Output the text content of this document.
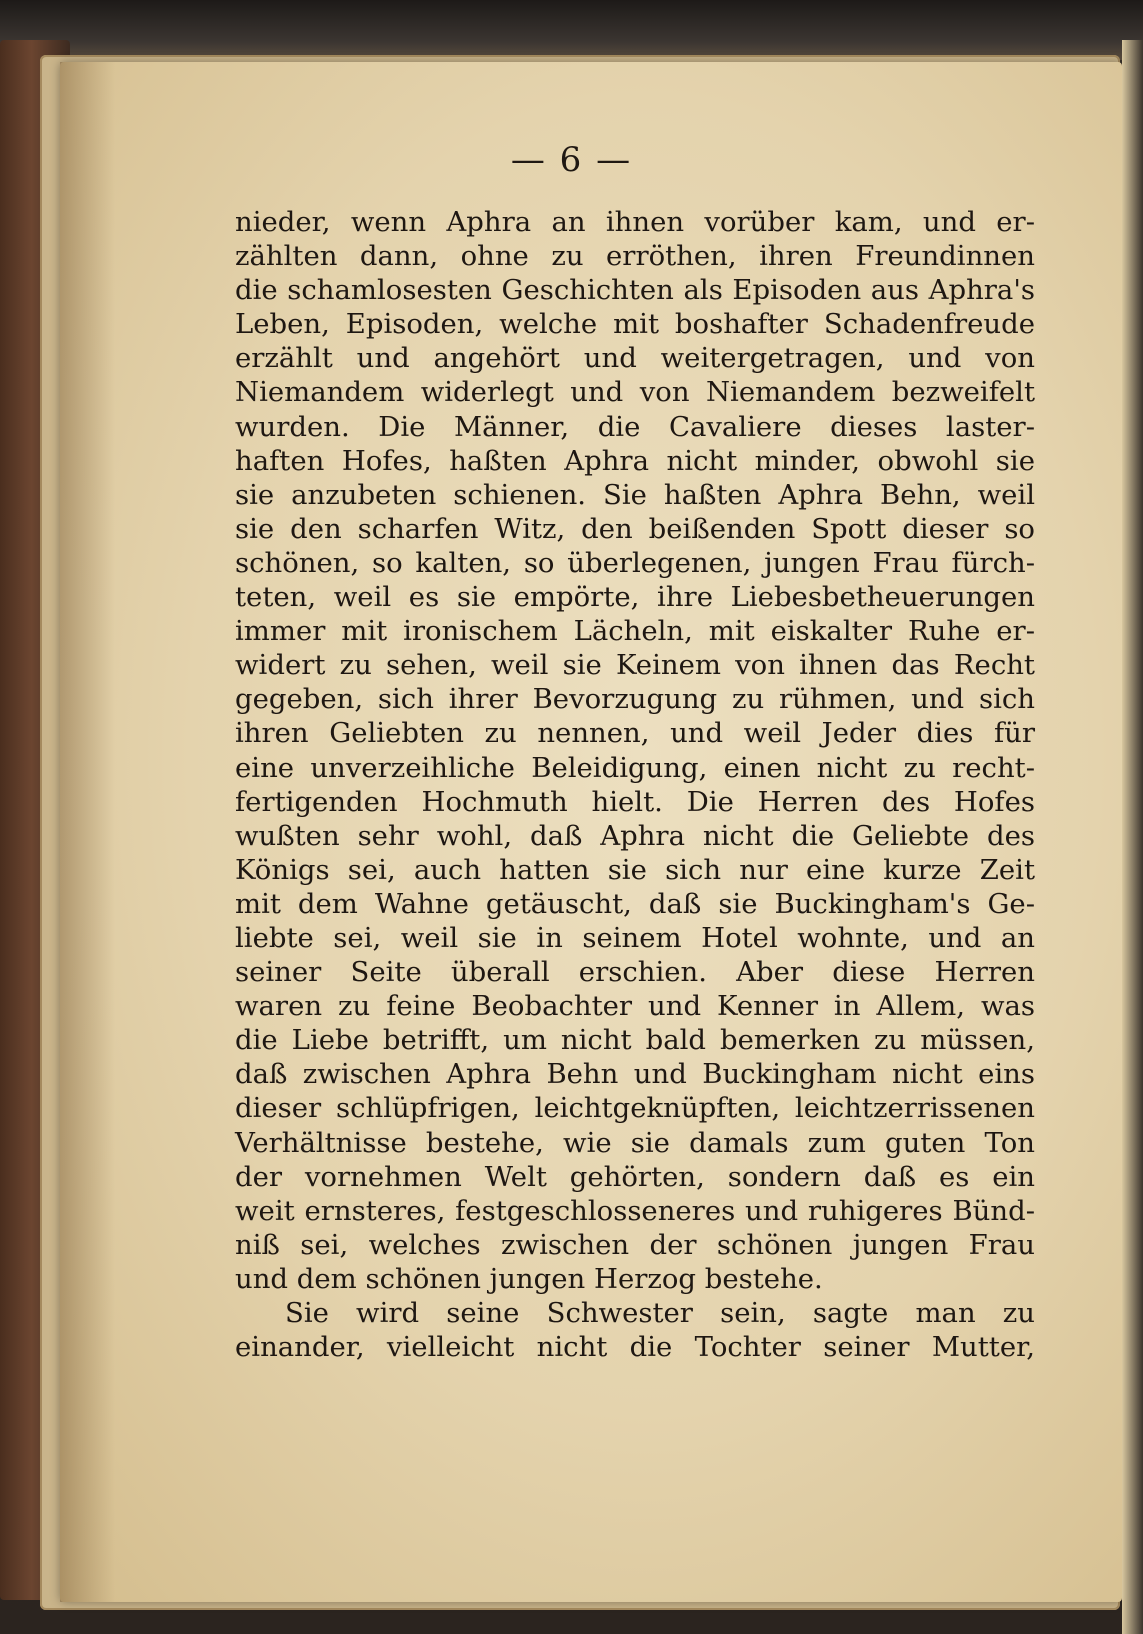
— 6 —
nieder, wenn Aphra an ihnen vorüber kam, und er-
zählten dann, ohne zu erröthen, ihren Freundinnen
die schamlosesten Geschichten als Episoden aus Aphra's
Leben, Episoden, welche mit boshafter Schadenfreude
erzählt und angehört und weitergetragen, und von
Niemandem widerlegt und von Niemandem bezweifelt
wurden. Die Männer, die Cavaliere dieses laster-
haften Hofes, haßten Aphra nicht minder, obwohl sie
sie anzubeten schienen. Sie haßten Aphra Behn, weil
sie den scharfen Witz, den beißenden Spott dieser so
schönen, so kalten, so überlegenen, jungen Frau fürch-
teten, weil es sie empörte, ihre Liebesbetheuerungen
immer mit ironischem Lächeln, mit eiskalter Ruhe er-
widert zu sehen, weil sie Keinem von ihnen das Recht
gegeben, sich ihrer Bevorzugung zu rühmen, und sich
ihren Geliebten zu nennen, und weil Jeder dies für
eine unverzeihliche Beleidigung, einen nicht zu recht-
fertigenden Hochmuth hielt. Die Herren des Hofes
wußten sehr wohl, daß Aphra nicht die Geliebte des
Königs sei, auch hatten sie sich nur eine kurze Zeit
mit dem Wahne getäuscht, daß sie Buckingham's Ge-
liebte sei, weil sie in seinem Hotel wohnte, und an
seiner Seite überall erschien. Aber diese Herren
waren zu feine Beobachter und Kenner in Allem, was
die Liebe betrifft, um nicht bald bemerken zu müssen,
daß zwischen Aphra Behn und Buckingham nicht eins
dieser schlüpfrigen, leichtgeknüpften, leichtzerrissenen
Verhältnisse bestehe, wie sie damals zum guten Ton
der vornehmen Welt gehörten, sondern daß es ein
weit ernsteres, festgeschlosseneres und ruhigeres Bünd-
niß sei, welches zwischen der schönen jungen Frau
und dem schönen jungen Herzog bestehe.
Sie wird seine Schwester sein, sagte man zu
einander, vielleicht nicht die Tochter seiner Mutter,
